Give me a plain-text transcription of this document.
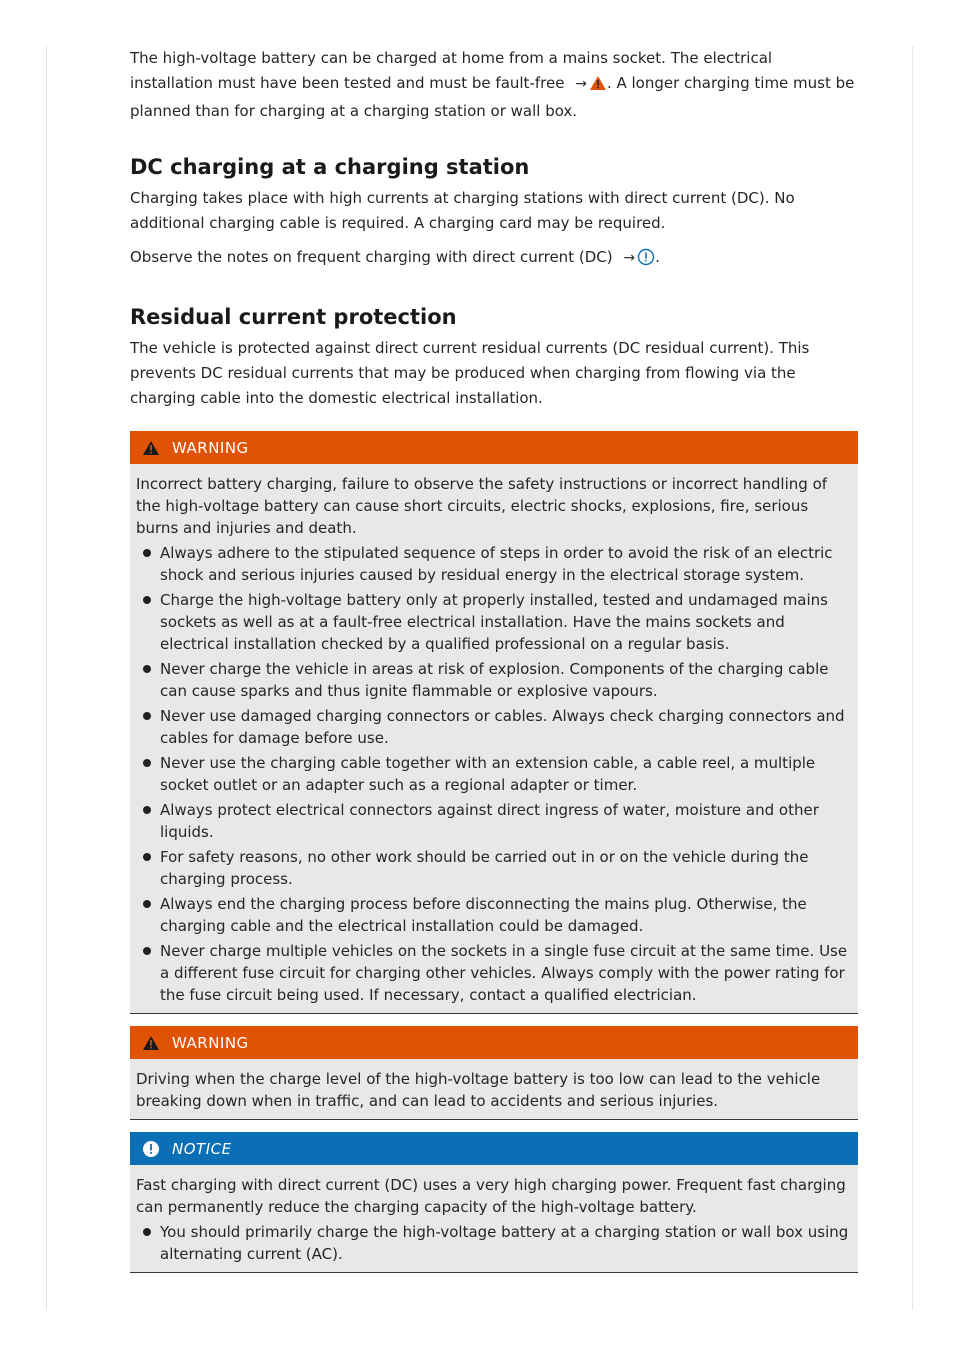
The high-voltage battery can be charged at home from a mains socket. The electrical installation must have been tested and must be fault-free → . A longer charging time must be planned than for charging at a charging station or wall box.

DC charging at a charging station

Charging takes place with high currents at charging stations with direct current (DC). No additional charging cable is required. A charging card may be required.

Observe the notes on frequent charging with direct current (DC) → .

Residual current protection

The vehicle is protected against direct current residual currents (DC residual current). This prevents DC residual currents that may be produced when charging from flowing via the charging cable into the domestic electrical installation.

WARNING

Incorrect battery charging, failure to observe the safety instructions or incorrect handling of the high-voltage battery can cause short circuits, electric shocks, explosions, fire, serious burns and injuries and death.

Always adhere to the stipulated sequence of steps in order to avoid the risk of an electric shock and serious injuries caused by residual energy in the electrical storage system.
Charge the high-voltage battery only at properly installed, tested and undamaged mains sockets as well as at a fault-free electrical installation. Have the mains sockets and electrical installation checked by a qualified professional on a regular basis.
Never charge the vehicle in areas at risk of explosion. Components of the charging cable can cause sparks and thus ignite flammable or explosive vapours.
Never use damaged charging connectors or cables. Always check charging connectors and cables for damage before use.
Never use the charging cable together with an extension cable, a cable reel, a multiple socket outlet or an adapter such as a regional adapter or timer.
Always protect electrical connectors against direct ingress of water, moisture and other liquids.
For safety reasons, no other work should be carried out in or on the vehicle during the charging process.
Always end the charging process before disconnecting the mains plug. Otherwise, the charging cable and the electrical installation could be damaged.
Never charge multiple vehicles on the sockets in a single fuse circuit at the same time. Use a different fuse circuit for charging other vehicles. Always comply with the power rating for the fuse circuit being used. If necessary, contact a qualified electrician.
WARNING

Driving when the charge level of the high-voltage battery is too low can lead to the vehicle breaking down when in traffic, and can lead to accidents and serious injuries.

NOTICE

Fast charging with direct current (DC) uses a very high charging power. Frequent fast charging can permanently reduce the charging capacity of the high-voltage battery.

You should primarily charge the high-voltage battery at a charging station or wall box using alternating current (AC).
